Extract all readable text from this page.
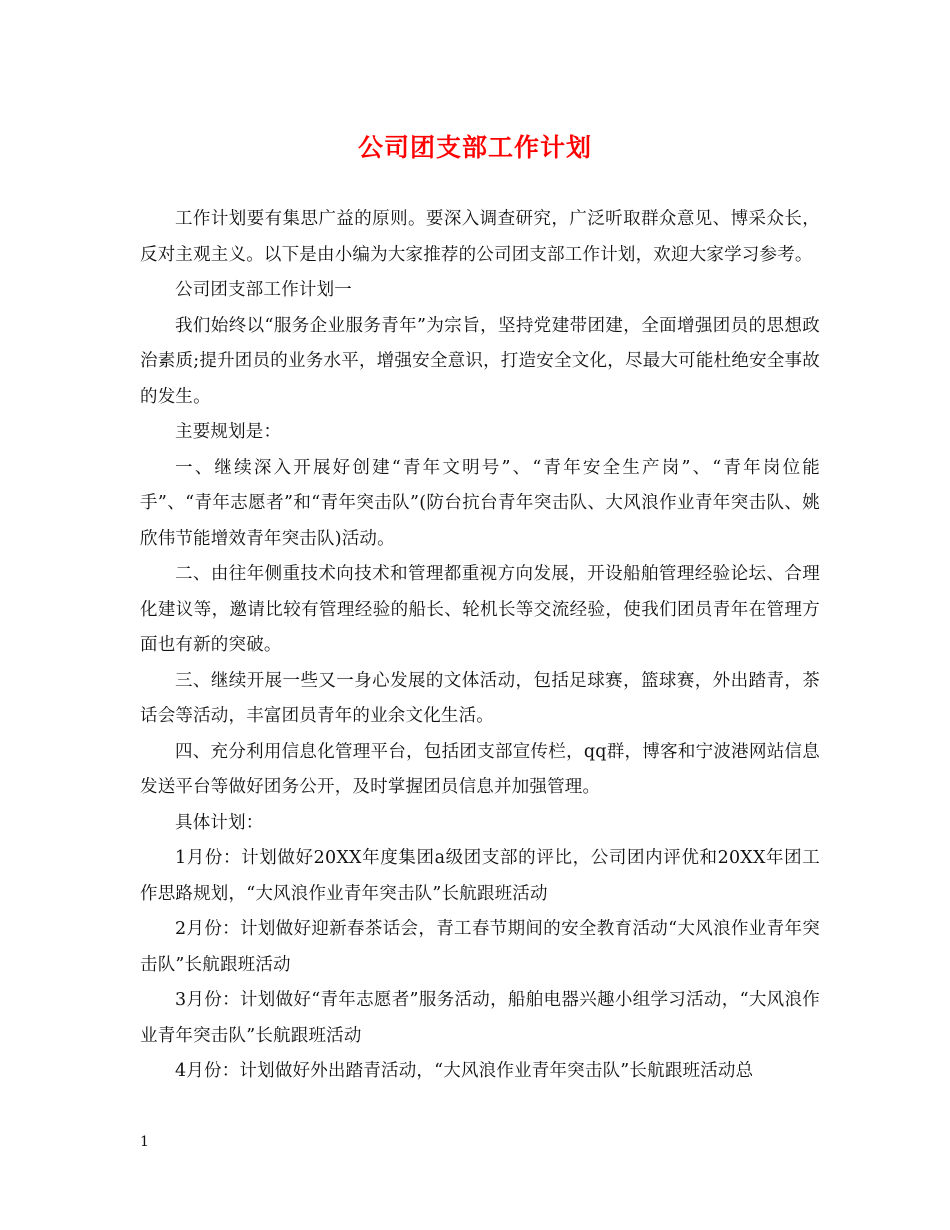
公司团支部工作计划

工作计划要有集思广益的原则。要深入调查研究，广泛听取群众意见、博采众长，反对主观主义。以下是由小编为大家推荐的公司团支部工作计划，欢迎大家学习参考。

公司团支部工作计划一

我们始终以“服务企业服务青年”为宗旨，坚持党建带团建，全面增强团员的思想政治素质;提升团员的业务水平，增强安全意识，打造安全文化，尽最大可能杜绝安全事故的发生。

主要规划是：

一、继续深入开展好创建“青年文明号”、“青年安全生产岗”、“青年岗位能手”、“青年志愿者”和“青年突击队”(防台抗台青年突击队、大风浪作业青年突击队、姚欣伟节能增效青年突击队)活动。

二、由往年侧重技术向技术和管理都重视方向发展，开设船舶管理经验论坛、合理化建议等，邀请比较有管理经验的船长、轮机长等交流经验，使我们团员青年在管理方面也有新的突破。

三、继续开展一些又一身心发展的文体活动，包括足球赛，篮球赛，外出踏青，茶话会等活动，丰富团员青年的业余文化生活。

四、充分利用信息化管理平台，包括团支部宣传栏，qq群，博客和宁波港网站信息发送平台等做好团务公开，及时掌握团员信息并加强管理。

具体计划：

1月份：计划做好20XX年度集团a级团支部的评比，公司团内评优和20XX年团工作思路规划，“大风浪作业青年突击队”长航跟班活动

2月份：计划做好迎新春茶话会，青工春节期间的安全教育活动“大风浪作业青年突击队”长航跟班活动

3月份：计划做好“青年志愿者”服务活动，船舶电器兴趣小组学习活动，“大风浪作业青年突击队”长航跟班活动

4月份：计划做好外出踏青活动，“大风浪作业青年突击队”长航跟班活动总

1
